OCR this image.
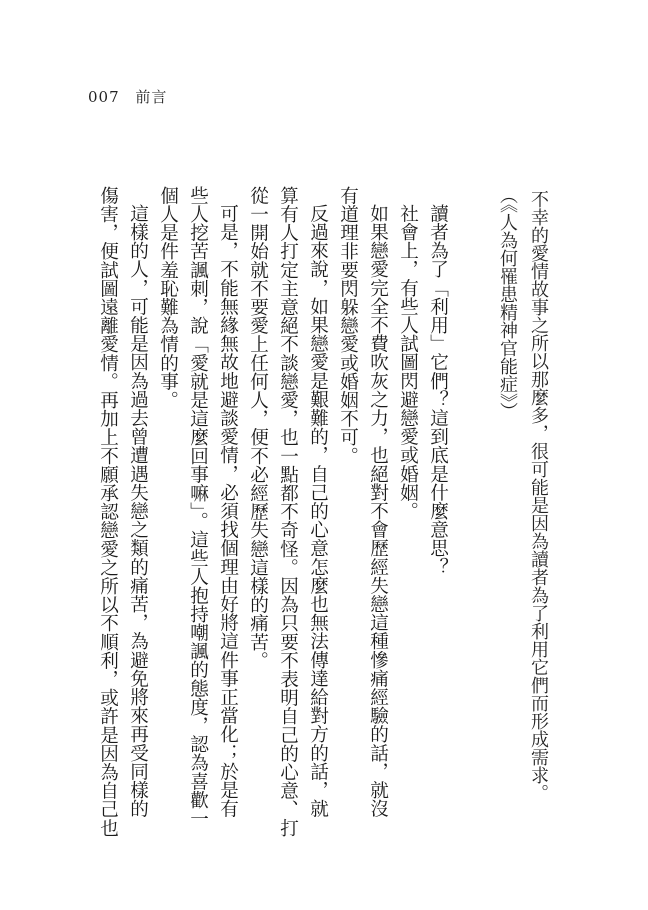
007 前言
不幸的愛情故事之所以那麼多，很可能是因為讀者為了利用它們而形成需求。
（《人為何罹患精神官能症》）
讀者為了「利用」它們？這到底是什麼意思？
社會上，有些人試圖閃避戀愛或婚姻。
如果戀愛完全不費吹灰之力，也絕對不會歷經失戀這種慘痛經驗的話，就沒
有道理非要閃躲戀愛或婚姻不可。
反過來說，如果戀愛是艱難的，自己的心意怎麼也無法傳達給對方的話，就
算有人打定主意絕不談戀愛，也一點都不奇怪。因為只要不表明自己的心意、打
從一開始就不要愛上任何人，便不必經歷失戀這樣的痛苦。
可是，不能無緣無故地避談愛情，必須找個理由好將這件事正當化；於是有
些人挖苦諷刺，說「愛就是這麼回事嘛」。這些人抱持嘲諷的態度，認為喜歡一
個人是件羞恥難為情的事。
這樣的人，可能是因為過去曾遭遇失戀之類的痛苦，為避免將來再受同樣的
傷害，便試圖遠離愛情。再加上不願承認戀愛之所以不順利，或許是因為自己也
